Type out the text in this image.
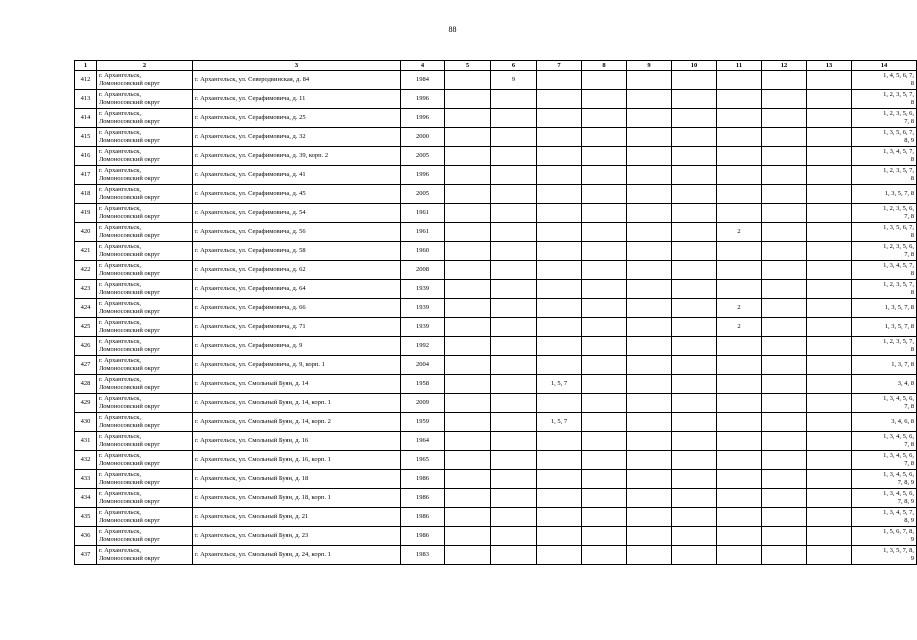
88
1	2	3	4	5	6	7	8	9	10	11	12	13	14
412	г. Архангельск,
Ломоносовский округ	г. Архангельск, ул. Северодвинская, д. 84	1984		9								1, 4, 5, 6, 7,
8

413	г. Архангельск,
Ломоносовский округ	г. Архангельск, ул. Серафимовича, д. 11	1996										1, 2, 3, 5, 7,
8

414	г. Архангельск,
Ломоносовский округ	г. Архангельск, ул. Серафимовича, д. 25	1996										1, 2, 3, 5, 6,
7, 8

415	г. Архангельск,
Ломоносовский округ	г. Архангельск, ул. Серафимовича, д. 32	2000										1, 3, 5, 6, 7,
8, 9

416	г. Архангельск,
Ломоносовский округ	г. Архангельск, ул. Серафимовича, д. 39, корп. 2	2005										1, 3, 4, 5, 7,
8

417	г. Архангельск,
Ломоносовский округ	г. Архангельск, ул. Серафимовича, д. 41	1996										1, 2, 3, 5, 7,
8

418	г. Архангельск,
Ломоносовский округ	г. Архангельск, ул. Серафимовича, д. 45	2005										1, 3, 5, 7, 8

419	г. Архангельск,
Ломоносовский округ	г. Архангельск, ул. Серафимовича, д. 54	1961										1, 2, 3, 5, 6,
7, 8

420	г. Архангельск,
Ломоносовский округ	г. Архангельск, ул. Серафимовича, д. 56	1961							2			1, 3, 5, 6, 7,
8

421	г. Архангельск,
Ломоносовский округ	г. Архангельск, ул. Серафимовича, д. 58	1960										1, 2, 3, 5, 6,
7, 8

422	г. Архангельск,
Ломоносовский округ	г. Архангельск, ул. Серафимовича, д. 62	2008										1, 3, 4, 5, 7,
8

423	г. Архангельск,
Ломоносовский округ	г. Архангельск, ул. Серафимовича, д. 64	1939										1, 2, 3, 5, 7,
8

424	г. Архангельск,
Ломоносовский округ	г. Архангельск, ул. Серафимовича, д. 66	1939							2			1, 3, 5, 7, 8

425	г. Архангельск,
Ломоносовский округ	г. Архангельск, ул. Серафимовича, д. 71	1939							2			1, 3, 5, 7, 8

426	г. Архангельск,
Ломоносовский округ	г. Архангельск, ул. Серафимовича, д. 9	1992										1, 2, 3, 5, 7,
8

427	г. Архангельск,
Ломоносовский округ	г. Архангельск, ул. Серафимовича, д. 9, корп. 1	2004										1, 3, 7, 8

428	г. Архангельск,
Ломоносовский округ	г. Архангельск, ул. Смольный Буян, д. 14	1958			1, 5, 7							3, 4, 8

429	г. Архангельск,
Ломоносовский округ	г. Архангельск, ул. Смольный Буян, д. 14, корп. 1	2009										1, 3, 4, 5, 6,
7, 8

430	г. Архангельск,
Ломоносовский округ	г. Архангельск, ул. Смольный Буян, д. 14, корп. 2	1959			1, 5, 7							3, 4, 6, 8

431	г. Архангельск,
Ломоносовский округ	г. Архангельск, ул. Смольный Буян, д. 16	1964										1, 3, 4, 5, 6,
7, 8

432	г. Архангельск,
Ломоносовский округ	г. Архангельск, ул. Смольный Буян, д. 16, корп. 1	1965										1, 3, 4, 5, 6,
7, 8

433	г. Архангельск,
Ломоносовский округ	г. Архангельск, ул. Смольный Буян, д. 18	1986										1, 3, 4, 5, 6,
7, 8, 9

434	г. Архангельск,
Ломоносовский округ	г. Архангельск, ул. Смольный Буян, д. 18, корп. 1	1986										1, 3, 4, 5, 6,
7, 8, 9

435	г. Архангельск,
Ломоносовский округ	г. Архангельск, ул. Смольный Буян, д. 21	1986										1, 3, 4, 5, 7,
8, 9

436	г. Архангельск,
Ломоносовский округ	г. Архангельск, ул. Смольный Буян, д. 23	1986										1, 5, 6, 7, 8,
9

437	г. Архангельск,
Ломоносовский округ	г. Архангельск, ул. Смольный Буян, д. 24, корп. 1	1983										1, 3, 5, 7, 8,
9
